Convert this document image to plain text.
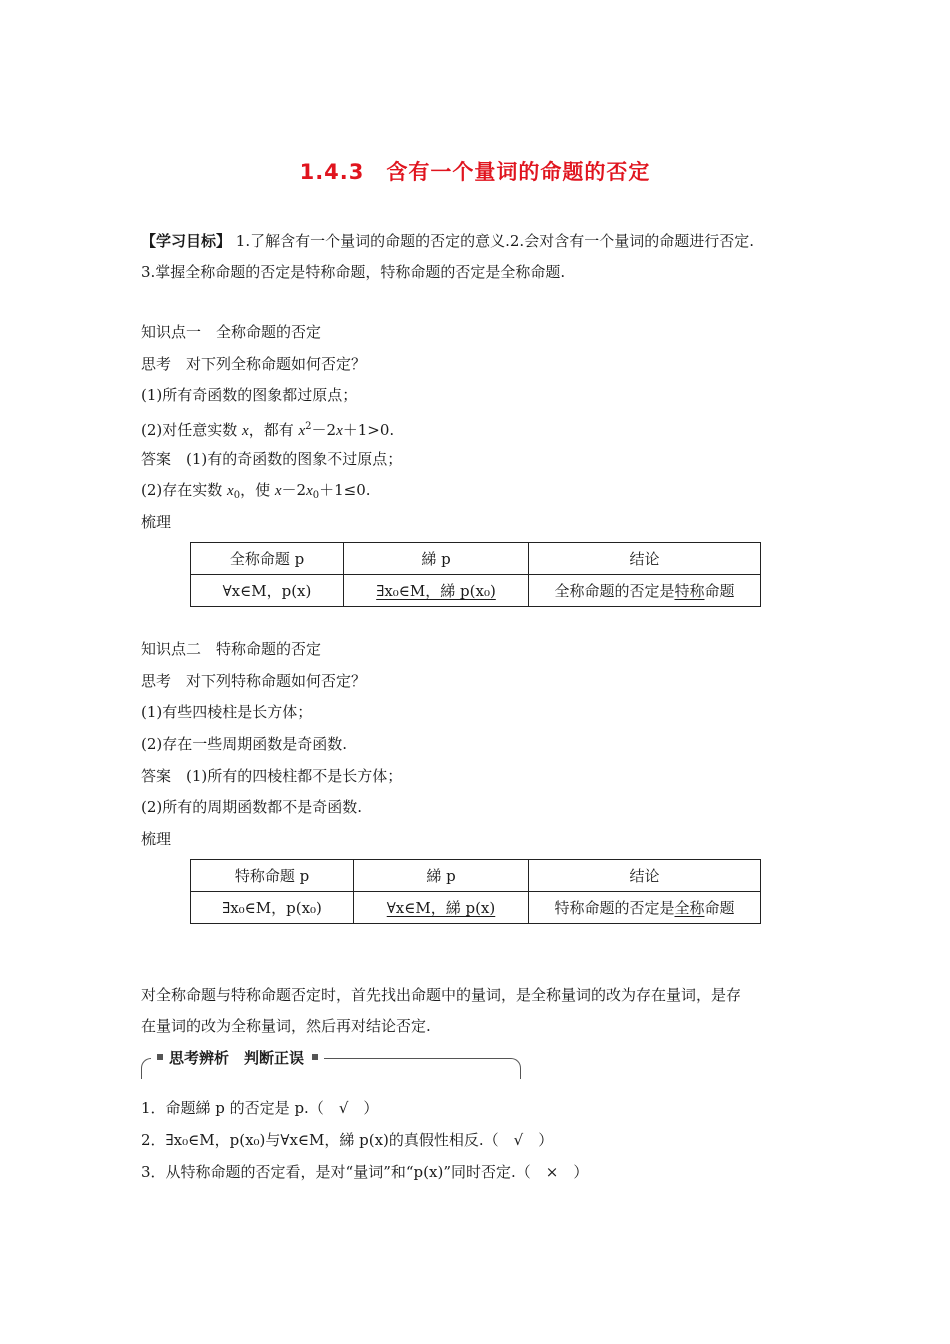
1.4.3　含有一个量词的命题的否定
【学习目标】 1.了解含有一个量词的命题的否定的意义.2.会对含有一个量词的命题进行否定.
3.掌握全称命题的否定是特称命题，特称命题的否定是全称命题.
知识点一　全称命题的否定
思考　对下列全称命题如何否定？
(1)所有奇函数的图象都过原点；
(2)对任意实数 x，都有 $x^2-2x+1>0$.
答案　(1)有的奇函数的图象不过原点；
(2)存在实数 $x_0$，使 $x-2x_0+1\le 0$.
梳理
全称命题 p	綈 p	结论
∀x∈M，p(x)	∃x₀∈M，綈 p(x₀)	全称命题的否定是特称命题
知识点二　特称命题的否定
思考　对下列特称命题如何否定？
(1)有些四棱柱是长方体；
(2)存在一些周期函数是奇函数.
答案　(1)所有的四棱柱都不是长方体；
(2)所有的周期函数都不是奇函数.
梳理
特称命题 p	綈 p	结论
∃x₀∈M，p(x₀)	∀x∈M，綈 p(x)	特称命题的否定是全称命题
对全称命题与特称命题否定时，首先找出命题中的量词，是全称量词的改为存在量词，是存
在量词的改为全称量词，然后再对结论否定.
思考辨析　判断正误
1．命题綈 p 的否定是 p.（　√　）
2．∃x₀∈M，p(x₀)与∀x∈M，綈 p(x)的真假性相反.（　√　）
3．从特称命题的否定看，是对“量词”和“p(x)”同时否定.（　×　）
